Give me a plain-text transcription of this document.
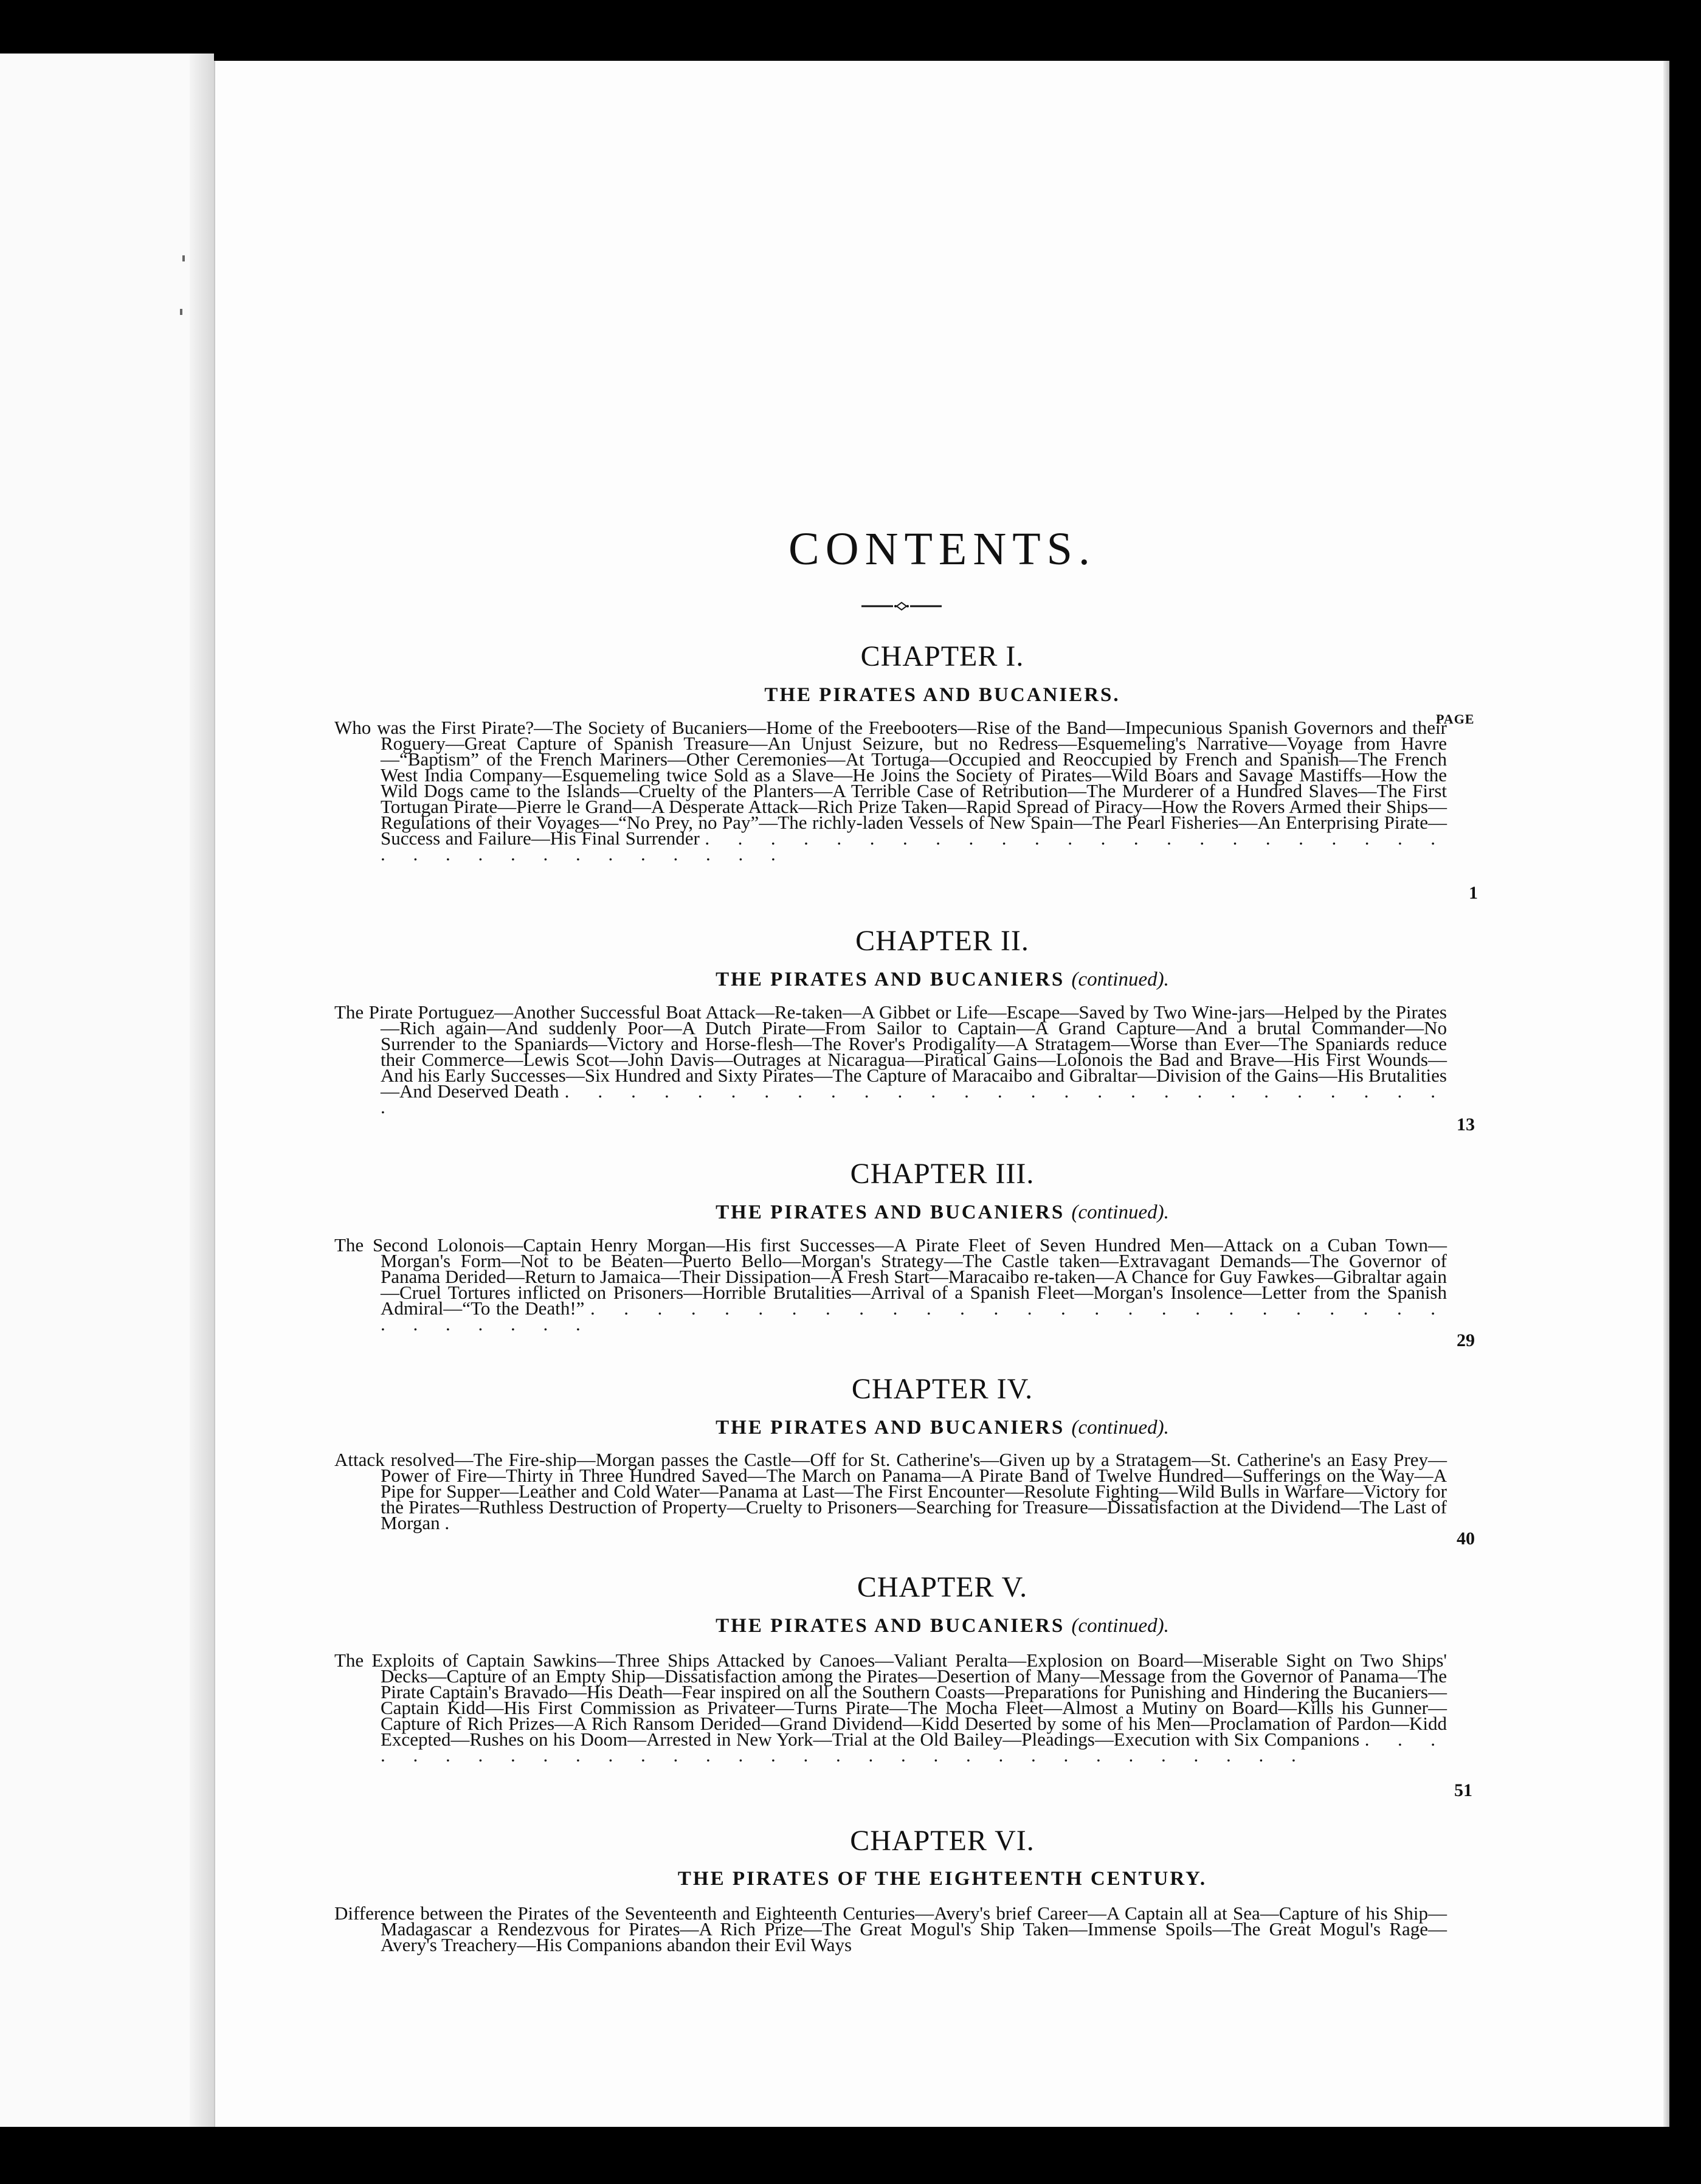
CONTENTS.
CHAPTER I.
THE PIRATES AND BUCANIERS.
PAGE

Who was the First Pirate?—The Society of Bucaniers—Home of the Freebooters—Rise of the Band—Impecunious Spanish Governors and their Roguery—Great Capture of Spanish Treasure—An Unjust Seizure, but no Redress—Esquemeling's Narrative—Voyage from Havre—“Baptism” of the French Mariners—Other Ceremonies—At Tortuga—Occupied and Reoccupied by French and Spanish—The French West India Company—Esquemeling twice Sold as a Slave—He Joins the Society of Pirates—Wild Boars and Savage Mastiffs—How the Wild Dogs came to the Islands—Cruelty of the Planters—A Terrible Case of Retribution—The Murderer of a Hundred Slaves—The First Tortugan Pirate—Pierre le Grand—A Desperate Attack—Rich Prize Taken—Rapid Spread of Piracy—How the Rovers Armed their Ships—Regulations of their Voyages—“No Prey, no Pay”—The richly-laden Vessels of New Spain—The Pearl Fisheries—An Enterprising Pirate—Success and Failure—His Final Surrender . . . . . . . . . . . . . . . . . . . . . . . . . . . . . . . . . . . .

1
CHAPTER II.
THE PIRATES AND BUCANIERS (continued).

The Pirate Portuguez—Another Successful Boat Attack—Re-taken—A Gibbet or Life—Escape—Saved by Two Wine-jars—Helped by the Pirates—Rich again—And suddenly Poor—A Dutch Pirate—From Sailor to Captain—A Grand Capture—And a brutal Commander—No Surrender to the Spaniards—Victory and Horse-flesh—The Rover's Prodigality—A Stratagem—Worse than Ever—The Spaniards reduce their Commerce—Lewis Scot—John Davis—Outrages at Nicaragua—Piratical Gains—Lolonois the Bad and Brave—His First Wounds—And his Early Successes—Six Hundred and Sixty Pirates—The Capture of Maracaibo and Gibraltar—Division of the Gains—His Brutalities—And Deserved Death . . . . . . . . . . . . . . . . . . . . . . . . . . . .

13
CHAPTER III.
THE PIRATES AND BUCANIERS (continued).

The Second Lolonois—Captain Henry Morgan—His first Successes—A Pirate Fleet of Seven Hundred Men—Attack on a Cuban Town—Morgan's Form—Not to be Beaten—Puerto Bello—Morgan's Strategy—The Castle taken—Extravagant Demands—The Governor of Panama Derided—Return to Jamaica—Their Dissipation—A Fresh Start—Maracaibo re-taken—A Chance for Guy Fawkes—Gibraltar again—Cruel Tortures inflicted on Prisoners—Horrible Brutalities—Arrival of a Spanish Fleet—Morgan's Insolence—Letter from the Spanish Admiral—“To the Death!” . . . . . . . . . . . . . . . . . . . . . . . . . . . . . . . . .

29
CHAPTER IV.
THE PIRATES AND BUCANIERS (continued).

Attack resolved—The Fire-ship—Morgan passes the Castle—Off for St. Catherine's—Given up by a Stratagem—St. Catherine's an Easy Prey—Power of Fire—Thirty in Three Hundred Saved—The March on Panama—A Pirate Band of Twelve Hundred—Sufferings on the Way—A Pipe for Supper—Leather and Cold Water—Panama at Last—The First Encounter—Resolute Fighting—Wild Bulls in Warfare—Victory for the Pirates—Ruthless Destruction of Property—Cruelty to Prisoners—Searching for Treasure—Dissatisfaction at the Dividend—The Last of Morgan .

40
CHAPTER V.
THE PIRATES AND BUCANIERS (continued).

The Exploits of Captain Sawkins—Three Ships Attacked by Canoes—Valiant Peralta—Explosion on Board—Miserable Sight on Two Ships' Decks—Capture of an Empty Ship—Dissatisfaction among the Pirates—Desertion of Many—Message from the Governor of Panama—The Pirate Captain's Bravado—His Death—Fear inspired on all the Southern Coasts—Preparations for Punishing and Hindering the Bucaniers—Captain Kidd—His First Commission as Privateer—Turns Pirate—The Mocha Fleet—Almost a Mutiny on Board—Kills his Gunner—Capture of Rich Prizes—A Rich Ransom Derided—Grand Dividend—Kidd Deserted by some of his Men—Proclamation of Pardon—Kidd Excepted—Rushes on his Doom—Arrested in New York—Trial at the Old Bailey—Pleadings—Execution with Six Companions . . . . . . . . . . . . . . . . . . . . . . . . . . . . . . . .

51
CHAPTER VI.
THE PIRATES OF THE EIGHTEENTH CENTURY.

Difference between the Pirates of the Seventeenth and Eighteenth Centuries—Avery's brief Career—A Captain all at Sea—Capture of his Ship—Madagascar a Rendezvous for Pirates—A Rich Prize—The Great Mogul's Ship Taken—Immense Spoils—The Great Mogul's Rage—Avery's Treachery—His Companions abandon their Evil Ways
